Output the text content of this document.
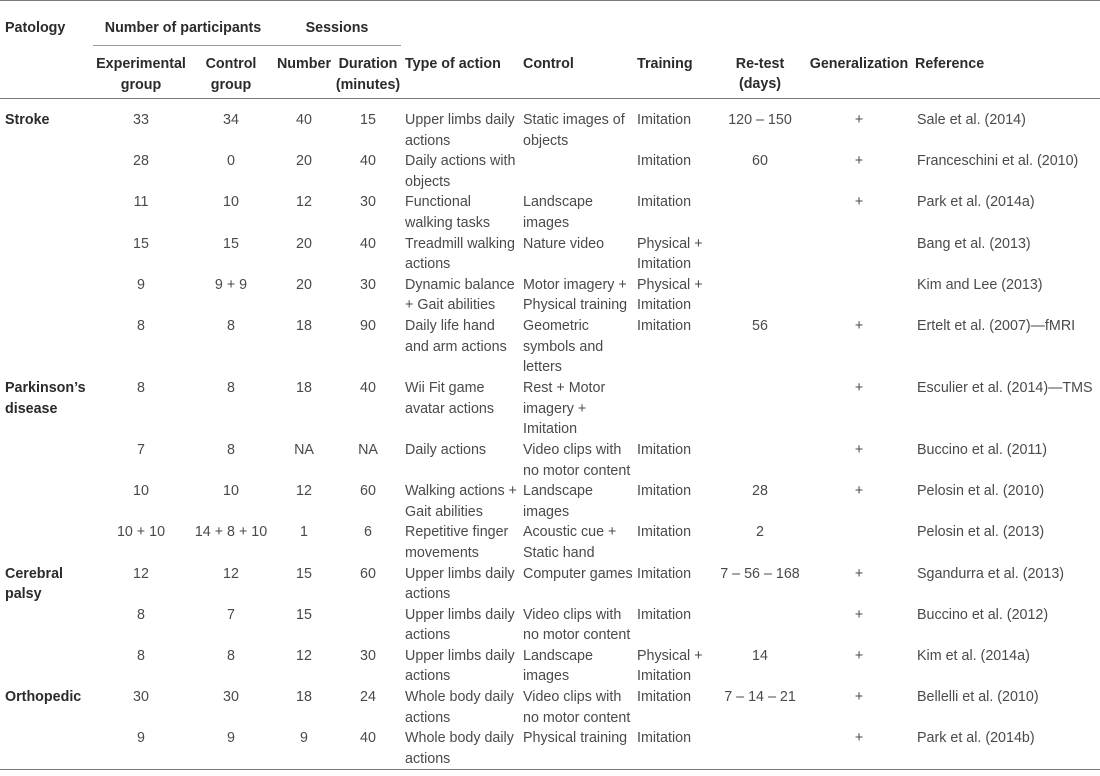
Patology	Number of participants		Sessions							
	Experimental group	Control group	Number	Duration (minutes)	Type of action	Control	Training	Re-test (days)	Generalization	Reference
Stroke	33	34	40	15	Upper limbs daily actions	Static images of objects	Imitation	120 – 150	+	Sale et al. (2014)
	28	0	20	40	Daily actions with objects		Imitation	60	+	Franceschini et al. (2010)
	11	10	12	30	Functional walking tasks	Landscape images	Imitation		+	Park et al. (2014a)
	15	15	20	40	Treadmill walking actions	Nature video	Physical + Imitation			Bang et al. (2013)
	9	9 + 9	20	30	Dynamic balance + Gait abilities	Motor imagery + Physical training	Physical + Imitation			Kim and Lee (2013)
	8	8	18	90	Daily life hand and arm actions	Geometric symbols and letters	Imitation	56	+	Ertelt et al. (2007)—fMRI
Parkinson’s disease	8	8	18	40	Wii Fit game avatar actions	Rest + Motor imagery + Imitation			+	Esculier et al. (2014)—TMS
	7	8	NA	NA	Daily actions	Video clips with no motor content	Imitation		+	Buccino et al. (2011)
	10	10	12	60	Walking actions + Gait abilities	Landscape images	Imitation	28	+	Pelosin et al. (2010)
	10 + 10	14 + 8 + 10	1	6	Repetitive finger movements	Acoustic cue + Static hand	Imitation	2		Pelosin et al. (2013)
Cerebral palsy	12	12	15	60	Upper limbs daily actions	Computer games	Imitation	7 – 56 – 168	+	Sgandurra et al. (2013)
	8	7	15		Upper limbs daily actions	Video clips with no motor content	Imitation		+	Buccino et al. (2012)
	8	8	12	30	Upper limbs daily actions	Landscape images	Physical + Imitation	14	+	Kim et al. (2014a)
Orthopedic	30	30	18	24	Whole body daily actions	Video clips with no motor content	Imitation	7 – 14 – 21	+	Bellelli et al. (2010)
	9	9	9	40	Whole body daily actions	Physical training	Imitation		+	Park et al. (2014b)
